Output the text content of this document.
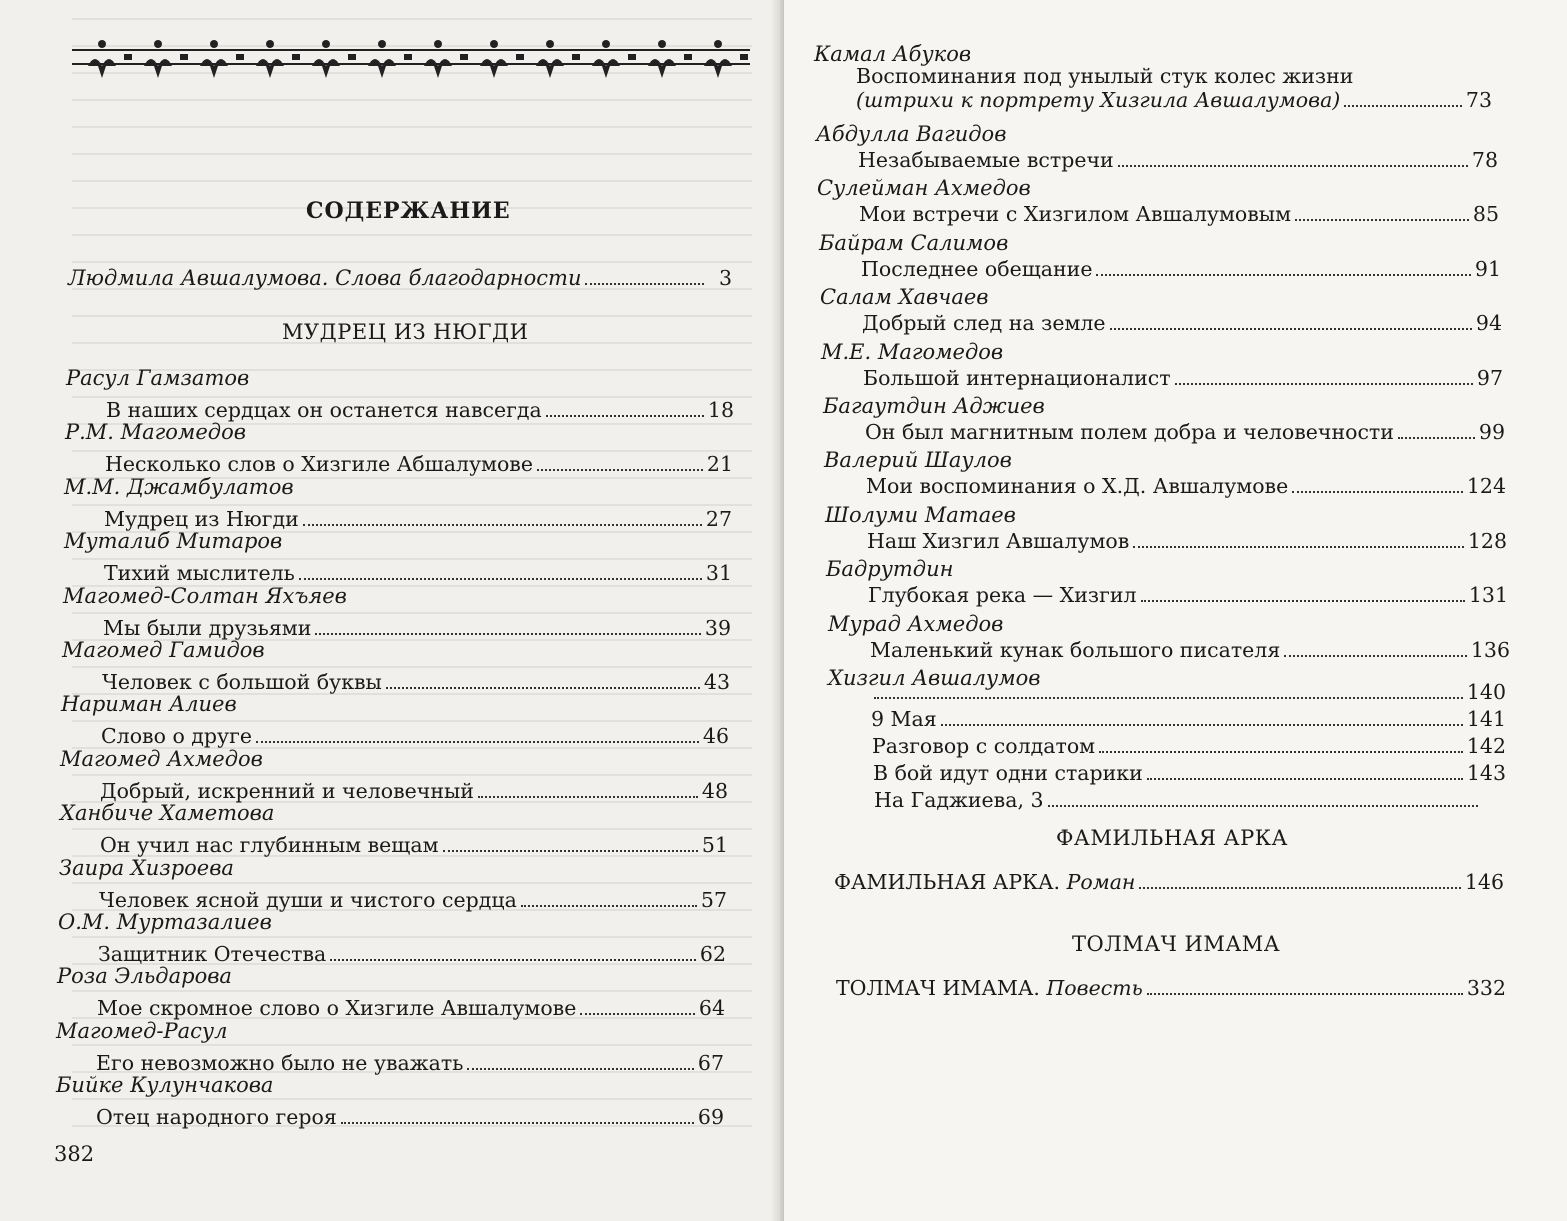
СОДЕРЖАНИЕ
Людмила Авшалумова. Слова благодарности	3
МУДРЕЦ ИЗ НЮГДИ
Расул Гамзатов
В наших сердцах он останется навсегда	18
Р.М. Магомедов
Несколько слов о Хизгиле Абшалумове	21
М.М. Джамбулатов
Мудрец из Нюгди	27
Муталиб Митаров
Тихий мыслитель	31
Магомед-Солтан Яхъяев
Мы были друзьями	39
Магомед Гамидов
Человек с большой буквы	43
Нариман Алиев
Слово о друге	46
Магомед Ахмедов
Добрый, искренний и человечный	48
Ханбиче Хаметова
Он учил нас глубинным вещам	51
Заира Хизроева
Человек ясной души и чистого сердца	57
О.М. Муртазалиев
Защитник Отечества	62
Роза Эльдарова
Мое скромное слово о Хизгиле Авшалумове	64
Магомед-Расул
Его невозможно было не уважать	67
Бийке Кулунчакова
Отец народного героя	69
382
Камал Абуков
Воспоминания под унылый стук колес жизни
(штрихи к портрету Хизгила Авшалумова)	73
Абдулла Вагидов
Незабываемые встречи	78
Сулейман Ахмедов
Мои встречи с Хизгилом Авшалумовым	85
Байрам Салимов
Последнее обещание	91
Салам Хавчаев
Добрый след на земле	94
М.Е. Магомедов
Большой интернационалист	97
Багаутдин Аджиев
Он был магнитным полем добра и человечности	99
Валерий Шаулов
Мои воспоминания о Х.Д. Авшалумове	124
Шолуми Матаев
Наш Хизгил Авшалумов	128
Бадрутдин
Глубокая река — Хизгил	131
Мурад Ахмедов
Маленький кунак большого писателя	136
Хизгил Авшалумов
140
9 Мая	141
Разговор с солдатом	142
В бой идут одни старики	143
На Гаджиева, 3
ФАМИЛЬНАЯ АРКА
ФАМИЛЬНАЯ АРКА. Роман	146
ТОЛМАЧ ИМАМА
ТОЛМАЧ ИМАМА. Повесть	332
